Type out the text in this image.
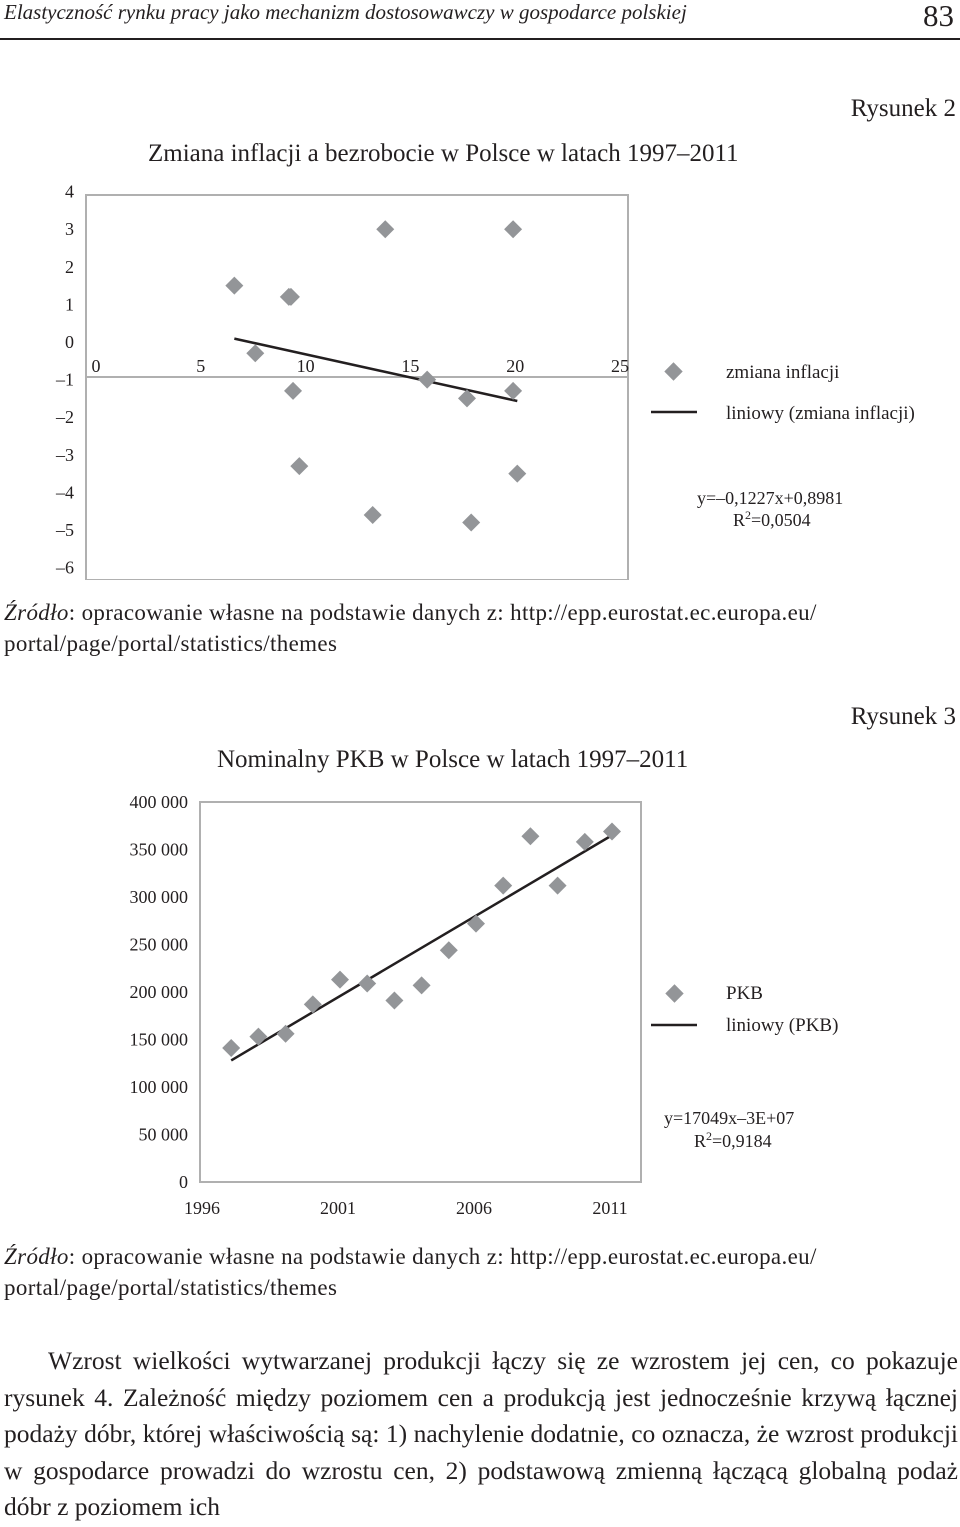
Elastyczność rynku pracy jako mechanizm dostosowawczy w gospodarce polskiej	83
Rysunek 2
Zmiana inflacji a bezrobocie w Polsce w latach 1997–2011
4
3
2
1
0
–1
–2
–3
–4
–5
–6
0	5	10	15	20	25	zmiana inflacji
liniowy (zmiana inflacji)
y=–0,1227x+0,8981
$R^2=0,0504$
Źródło: opracowanie własne na podstawie danych z: http://epp.eurostat.ec.europa.eu/ portal/page/portal/statistics/themes
Rysunek 3
Nominalny PKB w Polsce w latach 1997–2011
400 000
350 000
300 000
250 000
200 000
150 000
100 000
50 000
0
1996	2001	2006	2011
PKB
liniowy (PKB)
y=17049x–3E+07
$R^2=0,9184$
Źródło: opracowanie własne na podstawie danych z: http://epp.eurostat.ec.europa.eu/ portal/page/portal/statistics/themes
Wzrost wielkości wytwarzanej produkcji łączy się ze wzrostem jej cen, co pokazuje rysunek 4. Zależność między poziomem cen a produkcją jest jednocześnie krzywą łącznej podaży dóbr, której właściwością są: 1) nachylenie dodatnie, co oznacza, że wzrost produkcji w gospodarce prowadzi do wzrostu cen, 2) podstawową zmienną łączącą globalną podaż dóbr z poziomem ich
